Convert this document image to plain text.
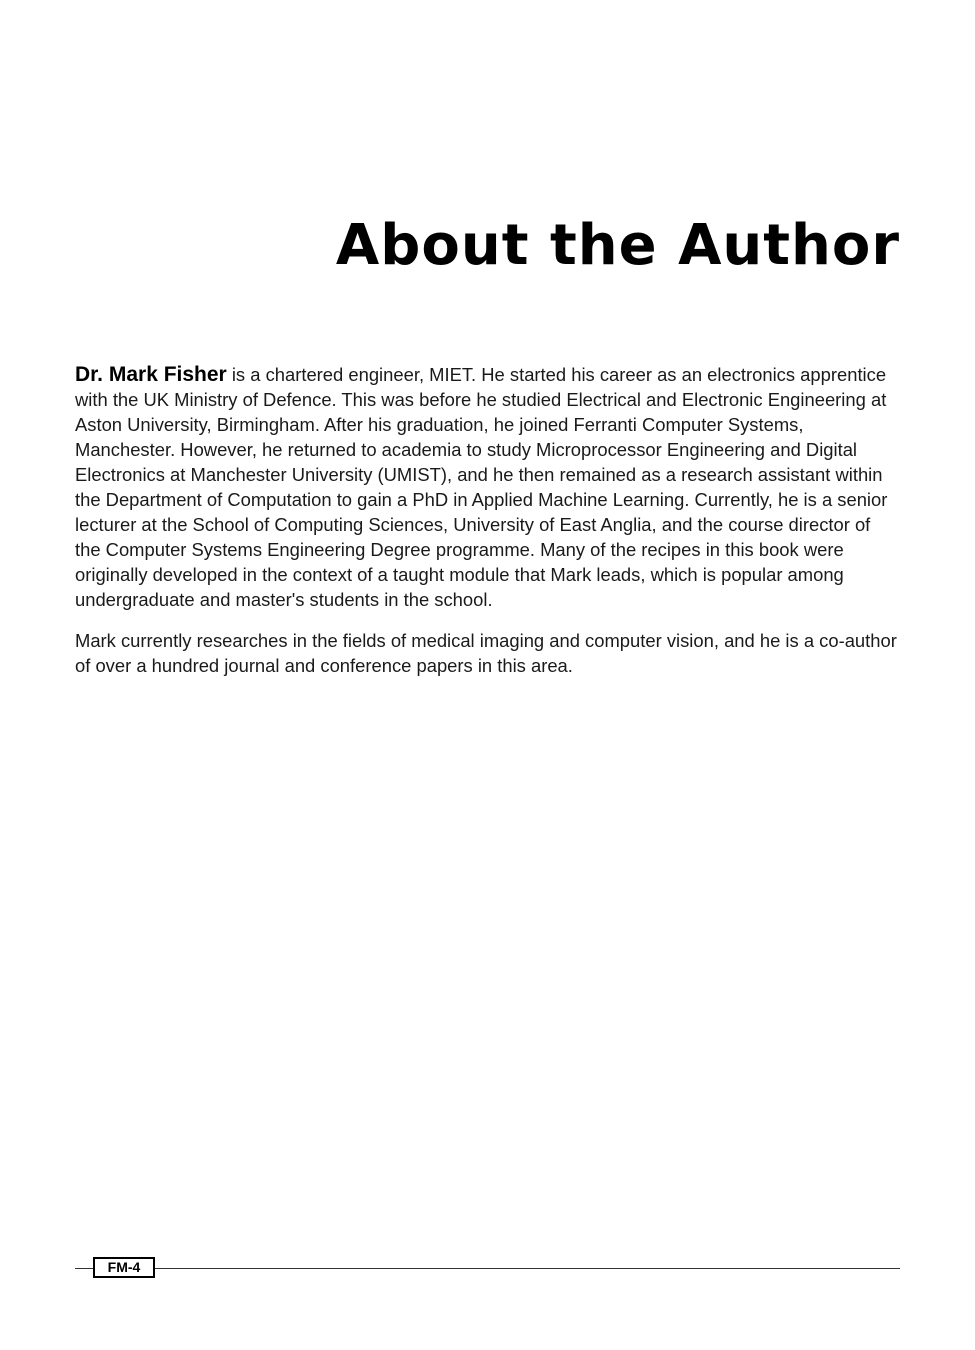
About the Author

Dr. Mark Fisher is a chartered engineer, MIET. He started his career as an electronics apprentice with the UK Ministry of Defence. This was before he studied Electrical and Electronic Engineering at Aston University, Birmingham. After his graduation, he joined Ferranti Computer Systems, Manchester. However, he returned to academia to study Microprocessor Engineering and Digital Electronics at Manchester University (UMIST), and he then remained as a research assistant within the Department of Computation to gain a PhD in Applied Machine Learning. Currently, he is a senior lecturer at the School of Computing Sciences, University of East Anglia, and the course director of the Computer Systems Engineering Degree programme. Many of the recipes in this book were originally developed in the context of a taught module that Mark leads, which is popular among undergraduate and master's students in the school.

Mark currently researches in the fields of medical imaging and computer vision, and he is a co-author of over a hundred journal and conference papers in this area.

FM-4
